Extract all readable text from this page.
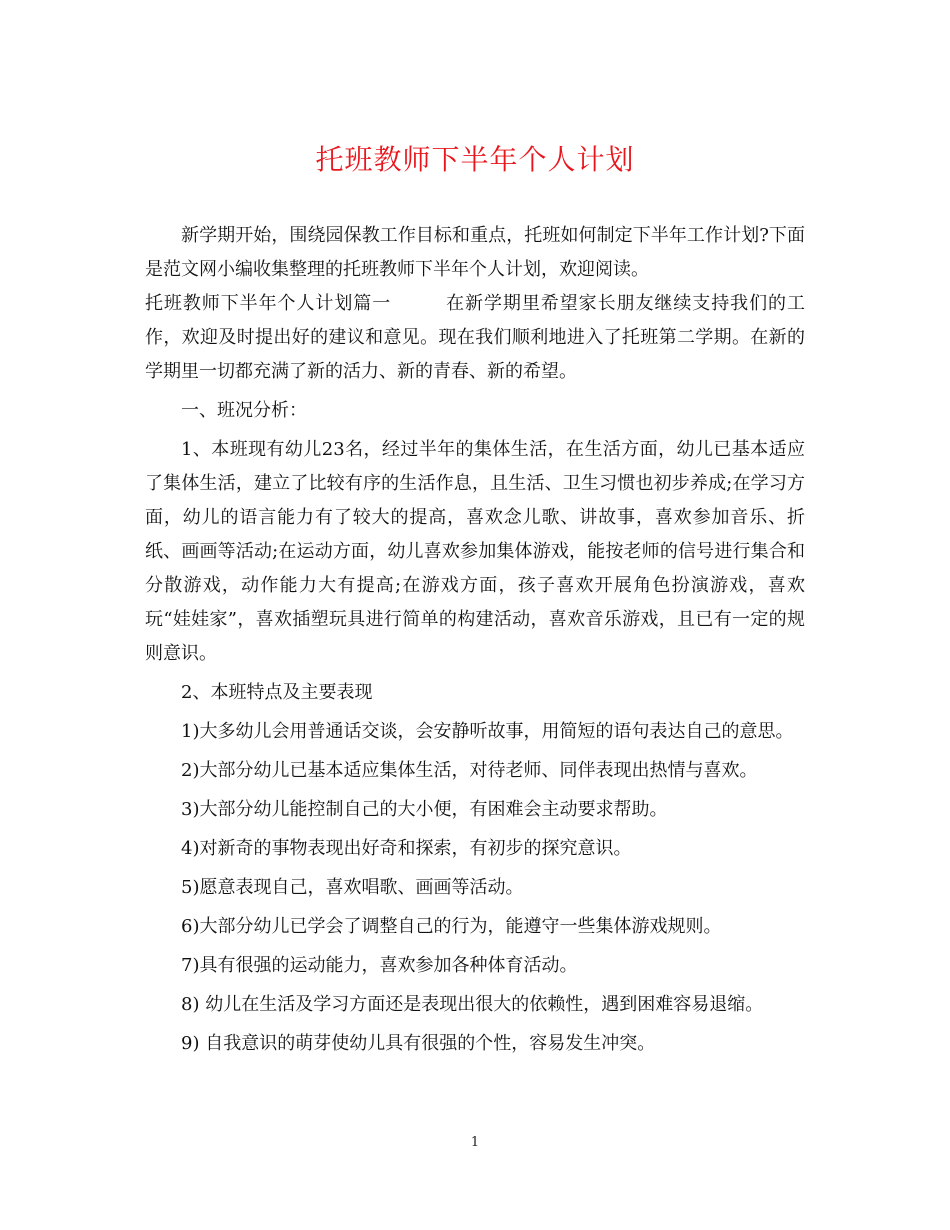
托班教师下半年个人计划

新学期开始，围绕园保教工作目标和重点，托班如何制定下半年工作计划?下面是范文网小编收集整理的托班教师下半年个人计划，欢迎阅读。

托班教师下半年个人计划篇一	在新学期里希望家长朋友继续支持我们的工作，欢迎及时提出好的建议和意见。现在我们顺利地进入了托班第二学期。在新的学期里一切都充满了新的活力、新的青春、新的希望。

一、班况分析：

1、本班现有幼儿23名，经过半年的集体生活，在生活方面，幼儿已基本适应了集体生活，建立了比较有序的生活作息，且生活、卫生习惯也初步养成;在学习方面，幼儿的语言能力有了较大的提高，喜欢念儿歌、讲故事，喜欢参加音乐、折纸、画画等活动;在运动方面，幼儿喜欢参加集体游戏，能按老师的信号进行集合和分散游戏，动作能力大有提高;在游戏方面，孩子喜欢开展角色扮演游戏，喜欢玩“娃娃家”，喜欢插塑玩具进行简单的构建活动，喜欢音乐游戏，且已有一定的规则意识。

2、本班特点及主要表现

1)大多幼儿会用普通话交谈，会安静听故事，用简短的语句表达自己的意思。

2)大部分幼儿已基本适应集体生活，对待老师、同伴表现出热情与喜欢。

3)大部分幼儿能控制自己的大小便，有困难会主动要求帮助。

4)对新奇的事物表现出好奇和探索，有初步的探究意识。

5)愿意表现自己，喜欢唱歌、画画等活动。

6)大部分幼儿已学会了调整自己的行为，能遵守一些集体游戏规则。

7)具有很强的运动能力，喜欢参加各种体育活动。

8) 幼儿在生活及学习方面还是表现出很大的依赖性，遇到困难容易退缩。

9) 自我意识的萌芽使幼儿具有很强的个性，容易发生冲突。

1
